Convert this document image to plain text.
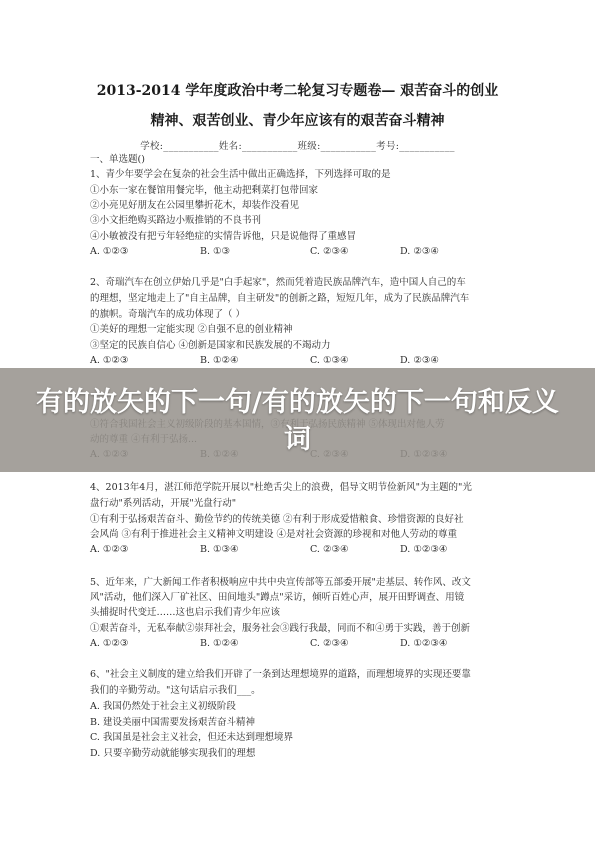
2013-2014 学年度政治中考二轮复习专题卷— 艰苦奋斗的创业
精神、艰苦创业、青少年应该有的艰苦奋斗精神
学校:___________姓名:___________班级:___________考号:___________
一、单选题()
1、青少年要学会在复杂的社会生活中做出正确选择，下列选择可取的是
①小东一家在餐馆用餐完毕，他主动把剩菜打包带回家
②小亮见好朋友在公园里攀折花木，却装作没看见
③小文拒绝购买路边小贩推销的不良书刊
④小敏被没有把亏年轻绝症的实情告诉他，只是说他得了重感冒
A. ①②③	B. ①③	C. ②③④	D. ②③④
2、奇瑞汽车在创立伊始几乎是"白手起家"，然而凭着造民族品牌汽车，造中国人自己的车
的理想，坚定地走上了"自主品牌，自主研发"的创新之路，短短几年，成为了民族品牌汽车
的旗帜。奇瑞汽车的成功体现了（ ）
①美好的理想一定能实现 ②自强不息的创业精神
③坚定的民族自信心 ④创新是国家和民族发展的不竭动力
A. ①②③	B. ①②④	C. ①③④	D. ②③④
4、2013年4月，湛江师范学院开展以"杜绝舌尖上的浪费，倡导文明节俭新风"为主题的"光
盘行动"系列活动，开展"光盘行动"
①有利于弘扬艰苦奋斗、勤俭节约的传统美德 ②有利于形成爱惜粮食、珍惜资源的良好社
会风尚 ③有利于推进社会主义精神文明建设 ④是对社会资源的珍视和对他人劳动的尊重
A. ①②③	B. ①③④	C. ②③④	D. ①②③④
5、近年来，广大新闻工作者积极响应中共中央宣传部等五部委开展"走基层、转作风、改文
风"活动，他们深入厂矿社区、田间地头"蹲点"采访，倾听百姓心声，展开田野调查、用镜
头捕捉时代变迁……这也启示我们青少年应该
①艰苦奋斗，无私奉献②崇拜社会，服务社会③践行我最，同而不和④勇于实践，善于创新
A. ①②③	B. ①②④	C. ②③④	D. ①②③④
6、"社会主义制度的建立给我们开辟了一条到达理想境界的道路，而理想境界的实现还要靠
我们的辛勤劳动。"这句话启示我们___。
A. 我国仍然处于社会主义初级阶段
B. 建设美丽中国需要发扬艰苦奋斗精神
C. 我国虽是社会主义社会，但还未达到理想境界
D. 只要辛勤劳动就能够实现我们的理想
有的放矢的下一句/有的放矢的下一句和反义词
